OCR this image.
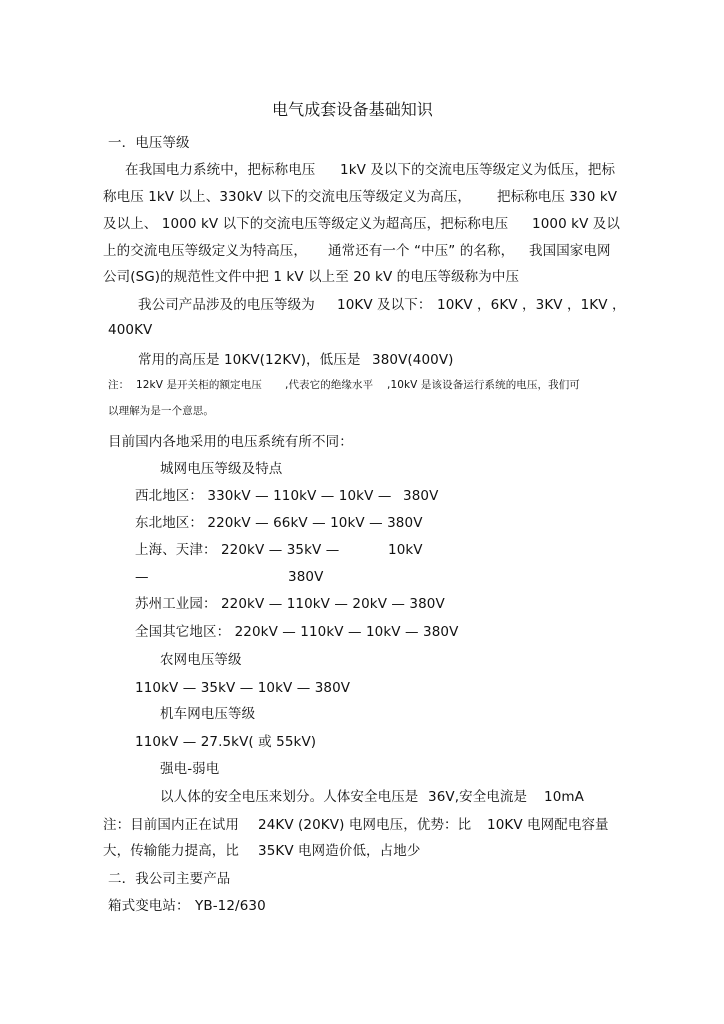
电气成套设备基础知识
一．电压等级
在我国电力系统中，把标称电压 1kV 及以下的交流电压等级定义为低压，把标
称电压 1kV 以上、330kV 以下的交流电压等级定义为高压， 把标称电压 330 kV
及以上、 1000 kV 以下的交流电压等级定义为超高压，把标称电压 1000 kV 及以
上的交流电压等级定义为特高压， 通常还有一个 “中压” 的名称， 我国国家电网
公司(SG)的规范性文件中把 1 kV 以上至 20 kV 的电压等级称为中压
我公司产品涉及的电压等级为 10KV 及以下： 10KV ，6KV ，3KV ，1KV ，
400KV
常用的高压是 10KV(12KV)，低压是 380V(400V)
注： 12kV 是开关柜的额定电压 ,代表它的绝缘水平 ,10kV 是该设备运行系统的电压，我们可
以理解为是一个意思。
目前国内各地采用的电压系统有所不同：
城网电压等级及特点
西北地区： 330kV — 110kV — 10kV — 380V
东北地区： 220kV — 66kV — 10kV — 380V
上海、天津： 220kV — 35kV —	10kV
—	380V
苏州工业园： 220kV — 110kV — 20kV — 380V
全国其它地区： 220kV — 110kV — 10kV — 380V
农网电压等级
110kV — 35kV — 10kV — 380V
机车网电压等级
110kV — 27.5kV( 或 55kV)
强电-弱电
以人体的安全电压来划分。人体安全电压是 36V,安全电流是 10mA
注：目前国内正在试用 24KV (20KV) 电网电压，优势：比 10KV 电网配电容量
大，传输能力提高，比 35KV 电网造价低，占地少
二．我公司主要产品
箱式变电站： YB-12/630
